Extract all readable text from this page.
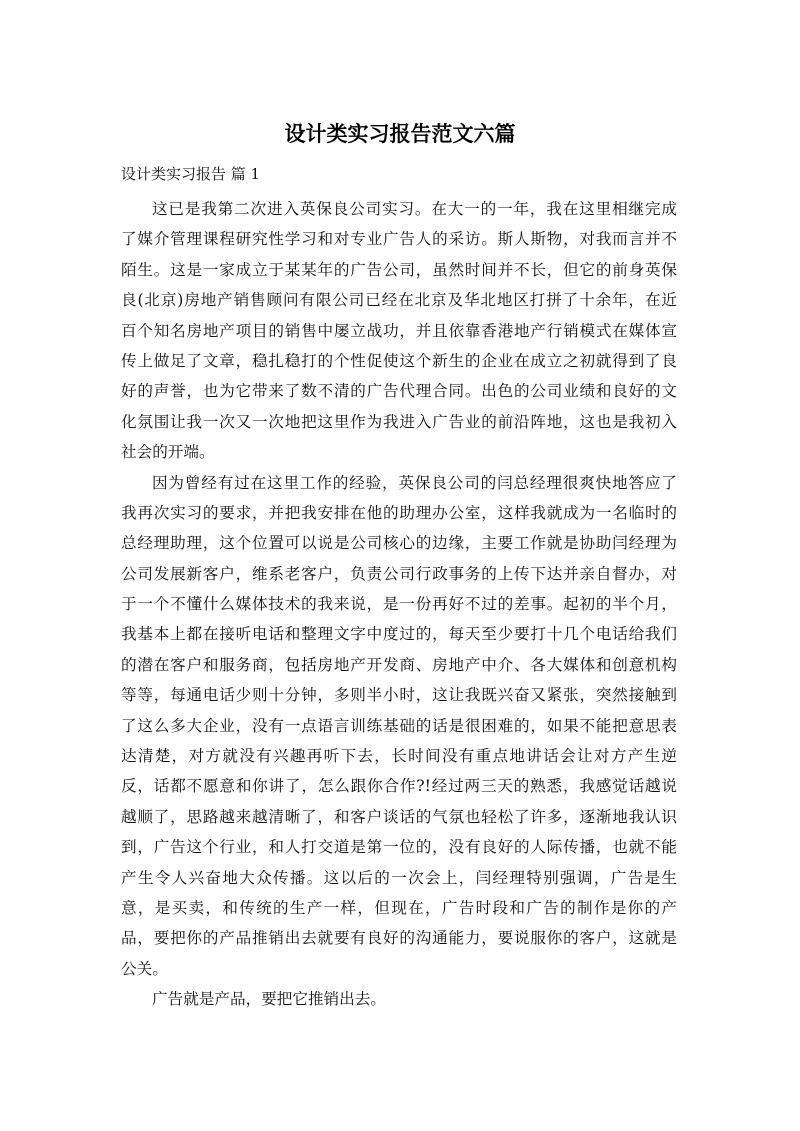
设计类实习报告范文六篇

设计类实习报告 篇 1

这已是我第二次进入英保良公司实习。在大一的一年，我在这里相继完成
了媒介管理课程研究性学习和对专业广告人的采访。斯人斯物，对我而言并不
陌生。这是一家成立于某某年的广告公司，虽然时间并不长，但它的前身英保
良(北京)房地产销售顾问有限公司已经在北京及华北地区打拼了十余年，在近
百个知名房地产项目的销售中屡立战功，并且依靠香港地产行销模式在媒体宣
传上做足了文章，稳扎稳打的个性促使这个新生的企业在成立之初就得到了良
好的声誉，也为它带来了数不清的广告代理合同。出色的公司业绩和良好的文
化氛围让我一次又一次地把这里作为我进入广告业的前沿阵地，这也是我初入
社会的开端。
因为曾经有过在这里工作的经验，英保良公司的闫总经理很爽快地答应了
我再次实习的要求，并把我安排在他的助理办公室，这样我就成为一名临时的
总经理助理，这个位置可以说是公司核心的边缘，主要工作就是协助闫经理为
公司发展新客户，维系老客户，负责公司行政事务的上传下达并亲自督办，对
于一个不懂什么媒体技术的我来说，是一份再好不过的差事。起初的半个月，
我基本上都在接听电话和整理文字中度过的，每天至少要打十几个电话给我们
的潜在客户和服务商，包括房地产开发商、房地产中介、各大媒体和创意机构
等等，每通电话少则十分钟，多则半小时，这让我既兴奋又紧张，突然接触到
了这么多大企业，没有一点语言训练基础的话是很困难的，如果不能把意思表
达清楚，对方就没有兴趣再听下去，长时间没有重点地讲话会让对方产生逆
反，话都不愿意和你讲了，怎么跟你合作?!经过两三天的熟悉，我感觉话越说
越顺了，思路越来越清晰了，和客户谈话的气氛也轻松了许多，逐渐地我认识
到，广告这个行业，和人打交道是第一位的，没有良好的人际传播，也就不能
产生令人兴奋地大众传播。这以后的一次会上，闫经理特别强调，广告是生
意，是买卖，和传统的生产一样，但现在，广告时段和广告的制作是你的产
品，要把你的产品推销出去就要有良好的沟通能力，要说服你的客户，这就是
公关。
广告就是产品，要把它推销出去。
